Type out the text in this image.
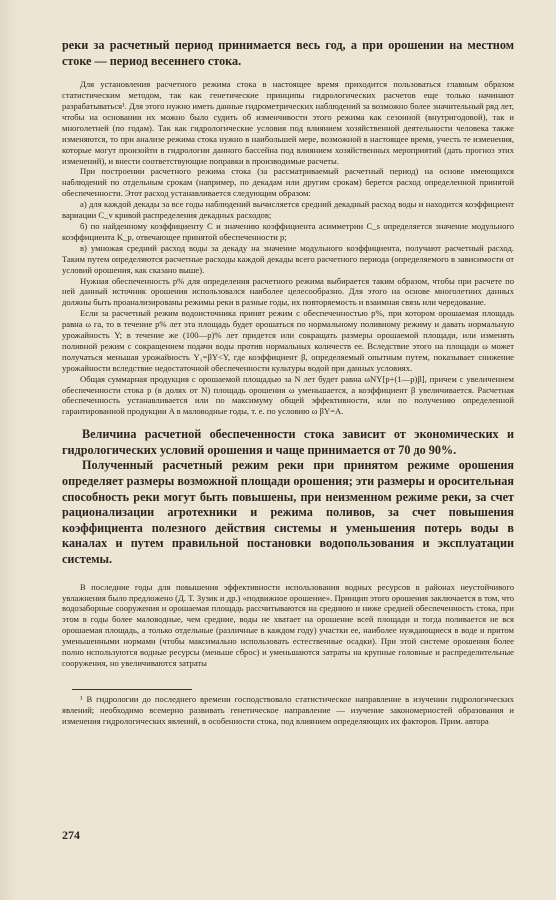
реки за расчетный период принимается весь год, а при орошении на местном стоке — период весеннего стока.

Для установления расчетного режима стока в настоящее время приходится пользоваться главным образом статистическим методом, так как генетические принципы гидрологических расчетов еще только начинают разрабатываться¹. Для этого нужно иметь данные гидрометрических наблюдений за возможно более значительный ряд лет, чтобы на основании их можно было судить об изменчивости этого режима как сезонной (внутригодовой), так и многолетней (по годам). Так как гидрологические условия под влиянием хозяйственной деятельности человека также изменяются, то при анализе режима стока нужно в наибольшей мере, возможной в настоящее время, учесть те изменения, которые могут произойти в гидрологии данного бассейна под влиянием хозяйственных мероприятий (дать прогноз этих изменений), и внести соответствующие поправки в производимые расчеты.

При построении расчетного режима стока (за рассматриваемый расчетный период) на основе имеющихся наблюдений по отдельным срокам (например, по декадам или другим срокам) берется расход определенной принятой обеспеченности. Этот расход устанавливается следующим образом:

а) для каждой декады за все годы наблюдений вычисляется средний декадный расход воды и находится коэффициент вариации C_v кривой распределения декадных расходов;

б) по найденному коэффициенту C и значению коэффициента асимметрии C_s определяется значение модульного коэффициента K_p, отвечающее принятой обеспеченности p;

в) умножая средний расход воды за декаду на значение модульного коэффициента, получают расчетный расход. Таким путем определяются расчетные расходы каждой декады всего расчетного периода (определяемого в зависимости от условий орошения, как сказано выше).

Нужная обеспеченность p% для определения расчетного режима выбирается таким образом, чтобы при расчете по ней данный источник орошения использовался наиболее целесообразно. Для этого на основе многолетних данных должны быть проанализированы режимы реки в разные годы, их повторяемость и взаимная связь или чередование.

Если за расчетный режим водоисточника принят режим с обеспеченностью p%, при котором орошаемая площадь равна ω га, то в течение p% лет эта площадь будет орошаться по нормальному поливному режиму и давать нормальную урожайность Y; в течение же (100—p)% лет придется или сокращать размеры орошаемой площади, или изменять поливной режим с сокращением подачи воды против нормальных количеств ее. Вследствие этого на площади ω может получаться меньшая урожайность Y₁=βY<Y, где коэффициент β, определяемый опытным путем, показывает снижение урожайности вследствие недостаточной обеспеченности культуры водой при данных условиях.

Общая суммарная продукция с орошаемой площадью за N лет будет равна ωNY[p+(1—p)β], причем с увеличением обеспеченности стока p (в долях от N) площадь орошения ω уменьшается, а коэффициент β увеличивается. Расчетная обеспеченность устанавливается или по максимуму общей эффективности, или по получению определенной гарантированной продукции A в маловодные годы, т. е. по условию ω βY=A.

Величина расчетной обеспеченности стока зависит от экономических и гидрологических условий орошения и чаще принимается от 70 до 90%.

Полученный расчетный режим реки при принятом режиме орошения определяет размеры возможной площади орошения; эти размеры и оросительная способность реки могут быть повышены, при неизменном режиме реки, за счет рационализации агротехники и режима поливов, за счет повышения коэффициента полезного действия системы и уменьшения потерь воды в каналах и путем правильной постановки водопользования и эксплуатации системы.

В последние годы для повышения эффективности использования водных ресурсов в районах неустойчивого увлажнения было предложено (Д. Т. Зузик и др.) «подвижное орошение». Принцип этого орошения заключается в том, что водозаборные сооружения и орошаемая площадь рассчитываются на среднюю и ниже средней обеспеченность стока, при этом в годы более маловодные, чем средние, воды не хватает на орошение всей площади и тогда поливается не вся орошаемая площадь, а только отдельные (различные в каждом году) участки ее, наиболее нуждающиеся в воде и притом уменьшенными нормами (чтобы максимально использовать естественные осадки). При этой системе орошения более полно используются водные ресурсы (меньше сброс) и уменьшаются затраты на крупные головные и распределительные сооружения, но увеличиваются затраты

¹ В гидрологии до последнего времени господствовало статистическое направление в изучении гидрологических явлений; необходимо всемерно развивать генетическое направление — изучение закономерностей образования и изменения гидрологических явлений, в особенности стока, под влиянием определяющих их факторов. Прим. автора

274
